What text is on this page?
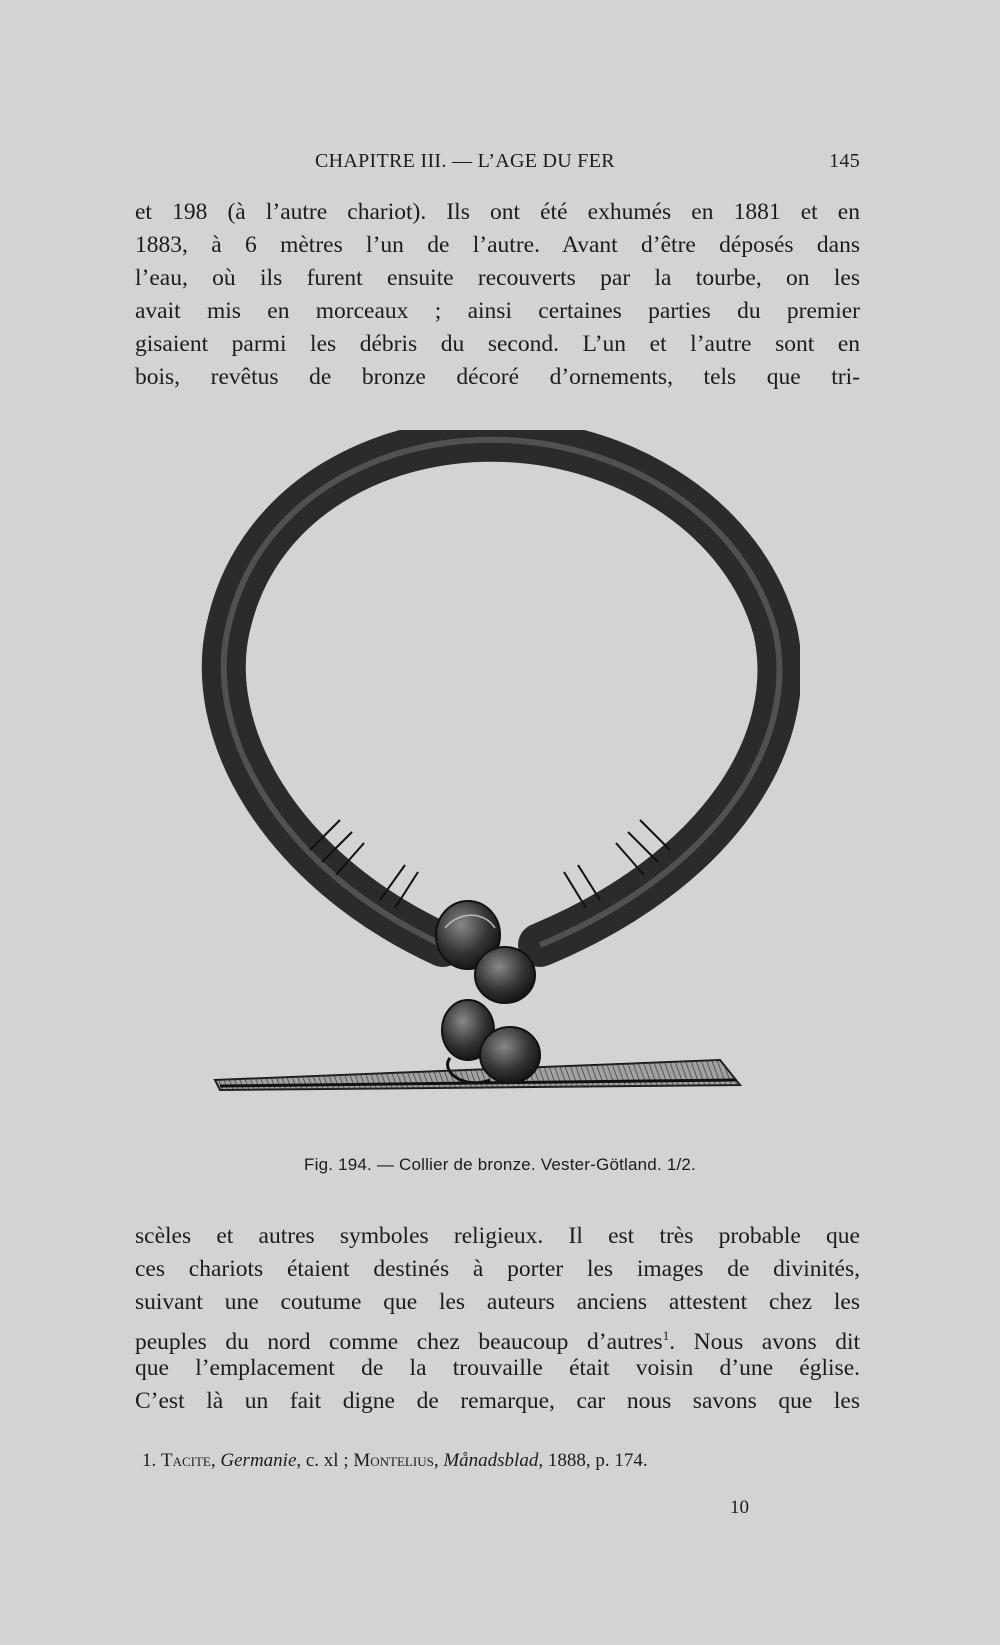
CHAPITRE III. — L’AGE DU FER	145
et 198 (à l’autre chariot). Ils ont été exhumés en 1881 et en
1883, à 6 mètres l’un de l’autre. Avant d’être déposés dans
l’eau, où ils furent ensuite recouverts par la tourbe, on les
avait mis en morceaux ; ainsi certaines parties du premier
gisaient parmi les débris du second. L’un et l’autre sont en
bois, revêtus de bronze décoré d’ornements, tels que tri-
Fig. 194. — Collier de bronze. Vester-Götland. 1/2.
scèles et autres symboles religieux. Il est très probable que
ces chariots étaient destinés à porter les images de divinités,
suivant une coutume que les auteurs anciens attestent chez les
peuples du nord comme chez beaucoup d’autres$^1$. Nous avons dit
que l’emplacement de la trouvaille était voisin d’une église.
C’est là un fait digne de remarque, car nous savons que les
1. Tacite, Germanie, c. xl ; Montelius, Månadsblad, 1888, p. 174.
10
